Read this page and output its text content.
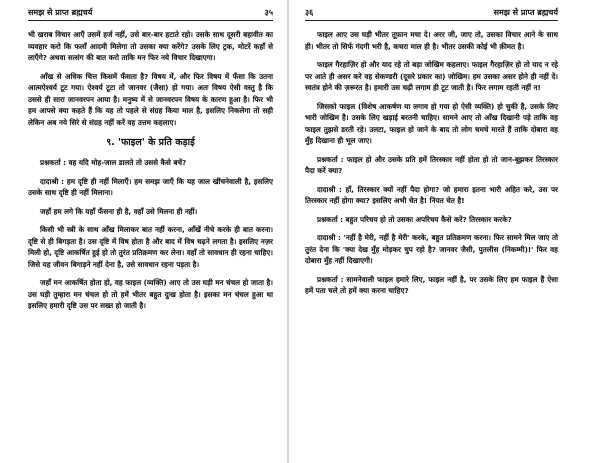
समझ से प्राप्त ब्रह्मचर्य	३५

भी खराब विचार आएँ उसमें हर्ज नहीं, उसे बार-बार हटाते रहो। उसके साथ दूसरी बहावीत का व्यवहार करो कि फलाँ आदमी मिलेगा तो उसका क्या करेंगे? उसके लिए ट्रक, मोटरें कहाँ से लाएँगे? अथवा सत्संग की बात करो ताकि मन फिर नये विचार दिखाएगा।

आँख से अधिक चित्त किसमें फँसता है? विषय में, और फिर विषय में फँसा कि उतना आत्मऐश्वर्य टूट गया। ऐश्वर्य टूटा तो जानवर (जैसा) हो गया। अतः विषय ऐसी वस्तु है कि उससे ही सारा जानवरपन आया है। मनुष्य में से जानवरपन विषय के कारण हुआ है। फिर भी हम आपसे क्या कहते हैं कि यह तो पहले से संग्रह किया माल है, इसलिए निकलेगा तो सही लेकिन अब नये सिरे से संग्रह नहीं करें वह उत्तम कहलाए।

९. 'फाइल' के प्रति कड़ाई

प्रश्नकर्ता : वह यदि मोह-जाल डालते तो उससे कैसे बचें?

दादाश्री : हम दृष्टि ही नहीं मिलाएँ। हम समझ जाएँ कि यह जाल खींचनेवाली है, इसलिए उसके साथ दृष्टि ही नहीं मिलाना।

जहाँ हम लगे कि यहाँ फँसना ही है, वहाँ उसे मिलना ही नहीं।

किसी भी स्त्री के साथ आँख मिलाकर बात नहीं करना, आँखें नीचे करके ही बात करना। दृष्टि से ही बिगड़ता है। उस दृष्टि में विष होता है और बाद में विष चढ़ने लगता है। इसलिए नज़र मिली हो, दृष्टि आकर्षित हुई हो तो तुरंत प्रतिक्रमण कर लेना। वहाँ तो सावधान ही रहना चाहिए। जिसे यह जीवन बिगाड़ने नहीं देना है, उसे सावधान रहना पड़ता है।

जहाँ मन आकर्षित होता हो, वह फाइल (व्यक्ति) आए तो उस घड़ी मन चंचल हो जाता है। उस घड़ी तुम्हारा मन चंचल हो तो हमें भीतर बहुत दुःख होता है। इसका मन चंचल हुआ था इसलिए हमारी दृष्टि उस पर सख्त हो जाती है।

३६	समझ से प्राप्त ब्रह्मचर्य

फाइल आए उस घड़ी भीतर तूफ़ान मचा दे। अरर जी, जाए तो, उसका विचार आने के साथ ही। भीतर तो सिर्फ गंदगी भरी है, कचरा माल ही है। भीतर उसकी कोई भी क़ीमत है।

फाइल गैरहाज़िर हो और याद रहे तो बड़ा जोखिम कहलाए। फाइल गैरहाज़िर हो तो याद न रहे पर आते ही असर करे वह सेकण्डरी (दूसरे प्रकार का) जोखिम। हम उसका असर होने ही नहीं दें। स्वतंत्र होने की ज़रूरत है। हमारी उस चढ़ी लगाम ही टूट जाती है। फिर लगाम रहती नहीं न!

जिसको फाइल (विशेष आकर्षण या लगाव हो गया हो ऐसी व्यक्ति) हो चुकी है, उसके लिए भारी जोखिम है। उसके लिए खड़ाई बरतनी चाहिए। सामने आए तो आँख दिखानी पड़े ताकि वह फाइल तुझसे डरती रहे। उलटा, फाइल हो जाने के बाद तो लोग चमचे मारते हैं ताकि दोबारा वह मुँह दिखाना ही भूल जाए।

प्रश्नकर्ता : फाइल हो और उसके प्रति हमें तिरस्कार नहीं होता हो तो जान-बूझकर तिरस्कार पैदा करें क्या?

दादाश्री : हाँ, तिरस्कार क्यों नहीं पैदा होगा? जो हमारा इतना भारी अहित करे, उस पर तिरस्कार नहीं होगा क्या? इसलिए अभी चेत है! नियत चेत है!

प्रश्नकर्ता : बहुत परिचय हो तो उसका अपरिचय कैसे करें? तिरस्कार करके?

दादाश्री : 'नहीं है मेरी, नहीं है मेरी' करके, बहुत प्रतिक्रमण करना। फिर सामने मिल जाए तो तुरंत देना कि 'क्या देख मुँह मोड़कर चुप रहो है? जानवर जैसी, पुतलीस (निकम्मी)!' फिर वह दोबारा मुँह नहीं दिखाएगी।

प्रश्नकर्ता : सामनेवाली फाइल हमारे लिए, फाइल नहीं है, पर उसके लिए हम फाइल हैं ऐसा हमें पता चले तो हमें क्या करना चाहिए?
